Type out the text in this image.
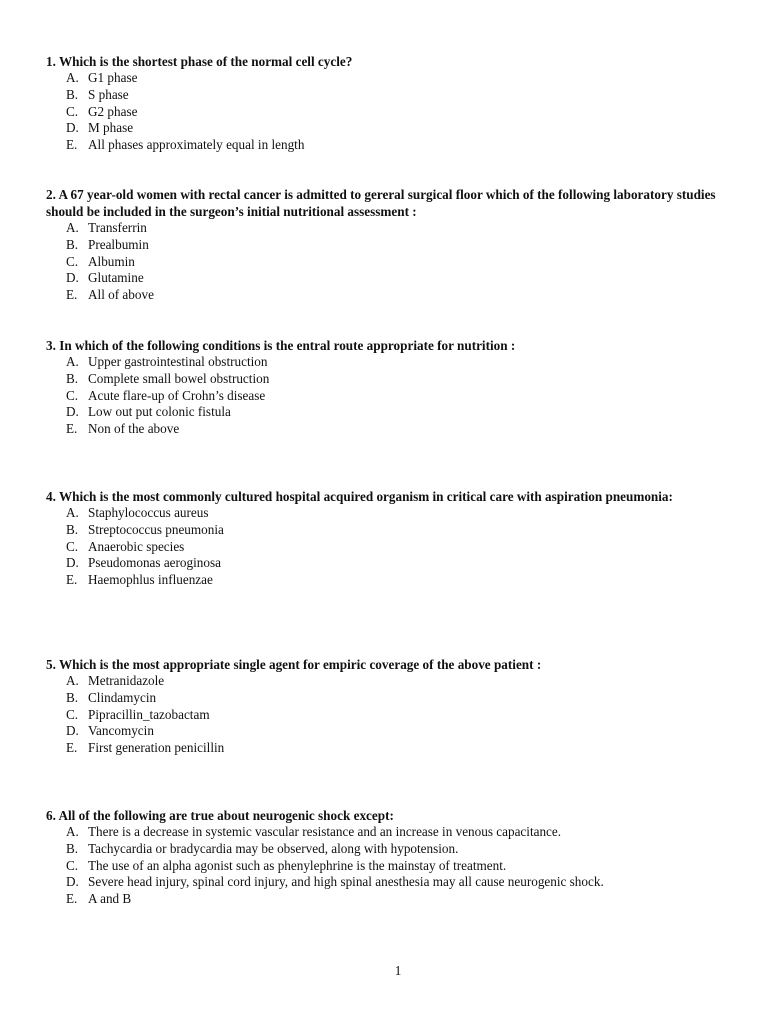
1. Which is the shortest phase of the normal cell cycle?

A. G1 phase
B. S phase
C. G2 phase
D. M phase
E. All phases approximately equal in length

2. A 67 year-old women with rectal cancer is admitted to gereral surgical floor which of the following laboratory studies should be included in the surgeon’s initial nutritional assessment :

A. Transferrin
B. Prealbumin
C. Albumin
D. Glutamine
E. All of above

3. In which of the following conditions is the entral route appropriate for nutrition :

A. Upper gastrointestinal obstruction
B. Complete small bowel obstruction
C. Acute flare-up of Crohn’s disease
D. Low out put colonic fistula
E. Non of the above

4. Which is the most commonly cultured hospital acquired organism in critical care with aspiration pneumonia:

A. Staphylococcus aureus
B. Streptococcus pneumonia
C. Anaerobic species
D. Pseudomonas aeroginosa
E. Haemophlus influenzae

5. Which is the most appropriate single agent for empiric coverage of the above patient :

A. Metranidazole
B. Clindamycin
C. Pipracillin_tazobactam
D. Vancomycin
E. First generation penicillin

6. All of the following are true about neurogenic shock except:

A. There is a decrease in systemic vascular resistance and an increase in venous capacitance.
B. Tachycardia or bradycardia may be observed, along with hypotension.
C. The use of an alpha agonist such as phenylephrine is the mainstay of treatment.
D. Severe head injury, spinal cord injury, and high spinal anesthesia may all cause neurogenic shock.
E. A and B
1
